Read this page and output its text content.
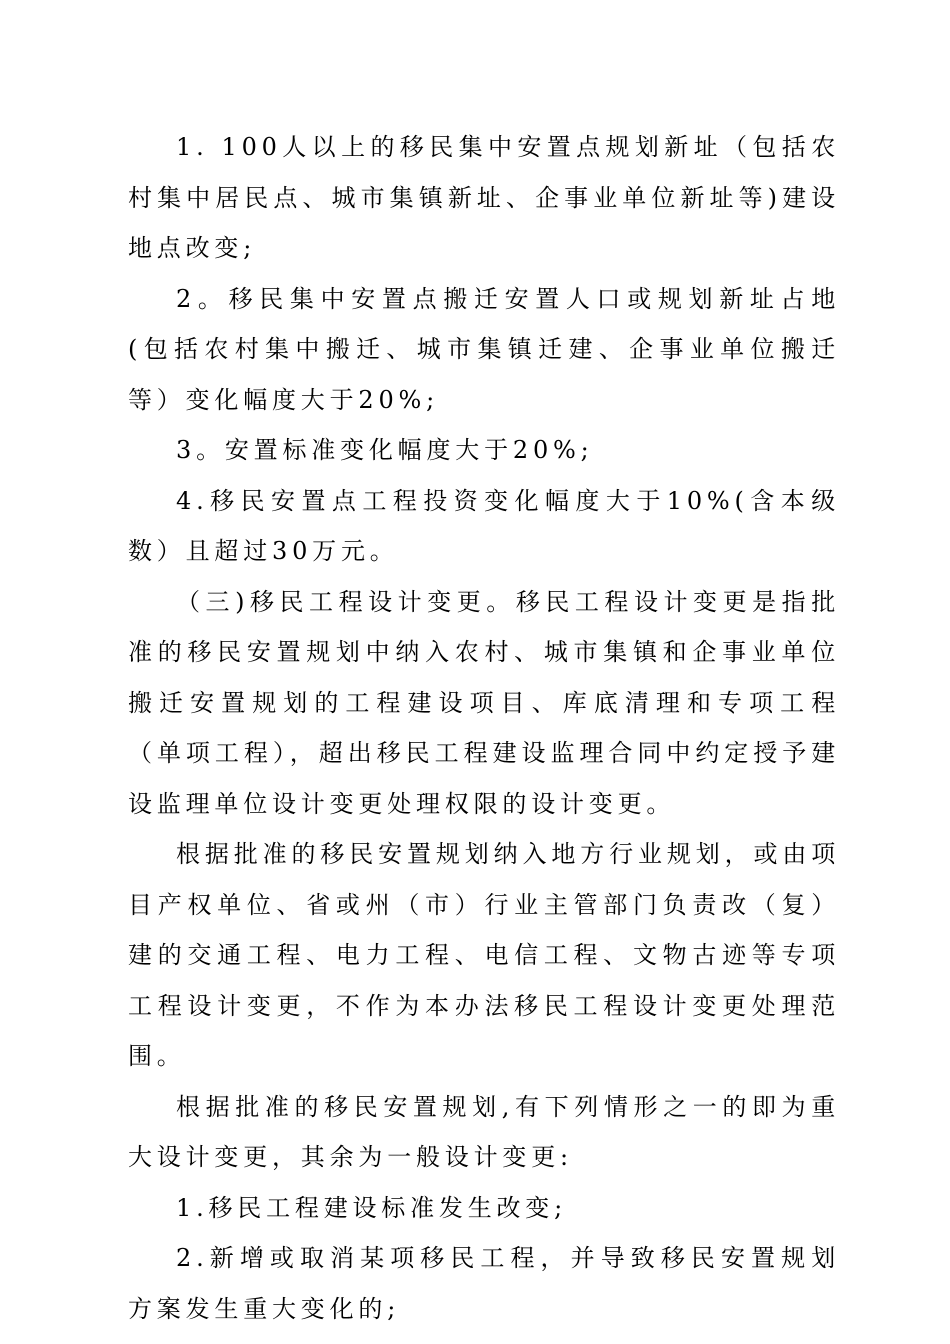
1. 100人以上的移民集中安置点规划新址（包括农村集中居民点、城市集镇新址、企事业单位新址等)建设地点改变;

2。移民集中安置点搬迁安置人口或规划新址占地(包括农村集中搬迁、城市集镇迁建、企事业单位搬迁等）变化幅度大于20%;

3。安置标准变化幅度大于20%;

4.移民安置点工程投资变化幅度大于10%(含本级数）且超过30万元。

（三)移民工程设计变更。移民工程设计变更是指批准的移民安置规划中纳入农村、城市集镇和企事业单位搬迁安置规划的工程建设项目、库底清理和专项工程（单项工程），超出移民工程建设监理合同中约定授予建设监理单位设计变更处理权限的设计变更。

根据批准的移民安置规划纳入地方行业规划，或由项目产权单位、省或州（市）行业主管部门负责改（复）建的交通工程、电力工程、电信工程、文物古迹等专项工程设计变更，不作为本办法移民工程设计变更处理范围。

根据批准的移民安置规划,有下列情形之一的即为重大设计变更，其余为一般设计变更:

1.移民工程建设标准发生改变;

2.新增或取消某项移民工程，并导致移民安置规划方案发生重大变化的;
